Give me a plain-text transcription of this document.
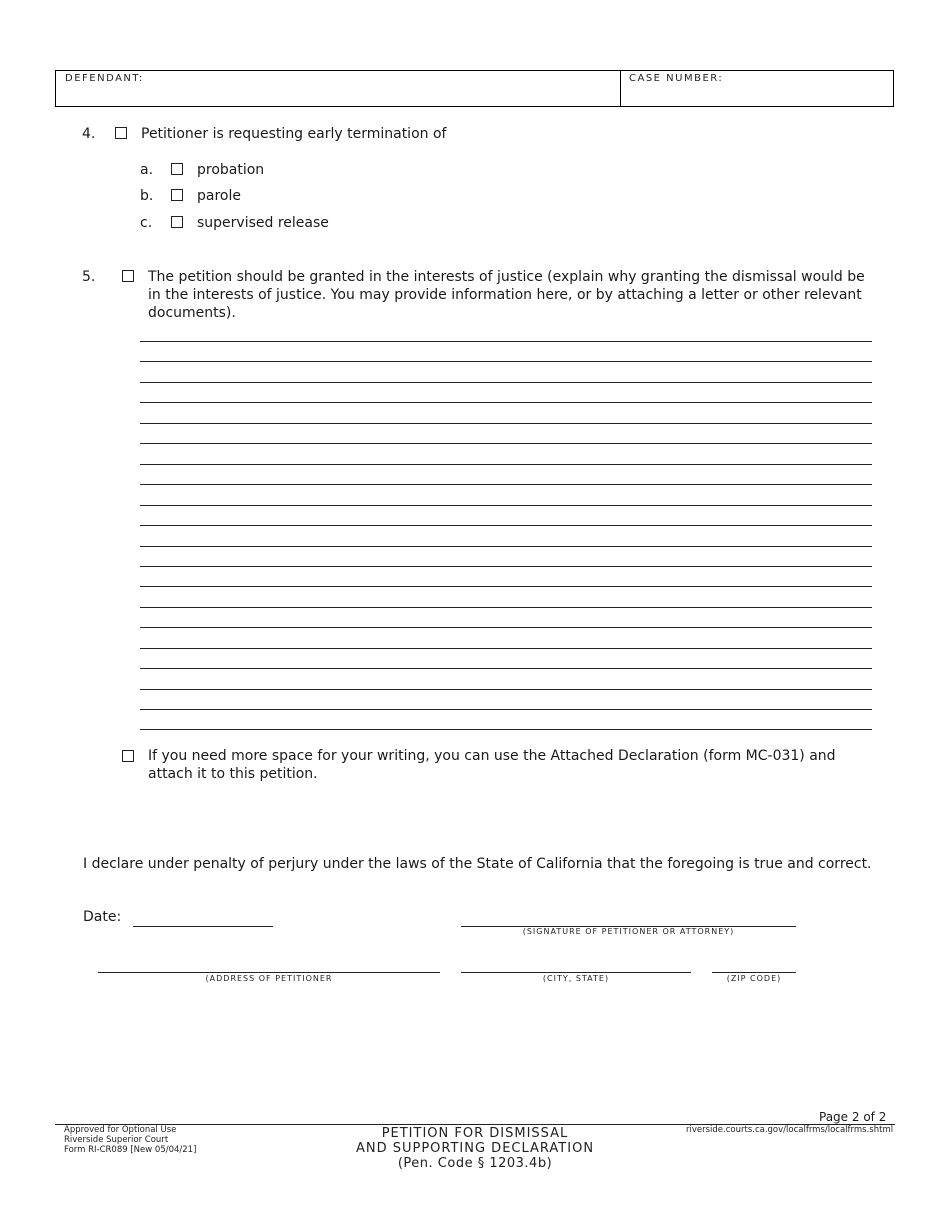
DEFENDANT:	CASE NUMBER:
4.	Petitioner is requesting early termination of
a.	probation
b.	parole
c.	supervised release
5.	The petition should be granted in the interests of justice (explain why granting the dismissal would be in the interests of justice. You may provide information here, or by attaching a letter or other relevant documents).
If you need more space for your writing, you can use the Attached Declaration (form MC-031) and attach it to this petition.
I declare under penalty of perjury under the laws of the State of California that the foregoing is true and correct.
Date:
(SIGNATURE OF PETITIONER OR ATTORNEY)
(ADDRESS OF PETITIONER	(CITY, STATE)	(ZIP CODE)
Page 2 of 2
Approved for Optional Use
Riverside Superior Court
Form RI-CR089 [New 05/04/21]
PETITION FOR DISMISSAL
AND SUPPORTING DECLARATION
(Pen. Code § 1203.4b)
riverside.courts.ca.gov/localfrms/localfrms.shtml
